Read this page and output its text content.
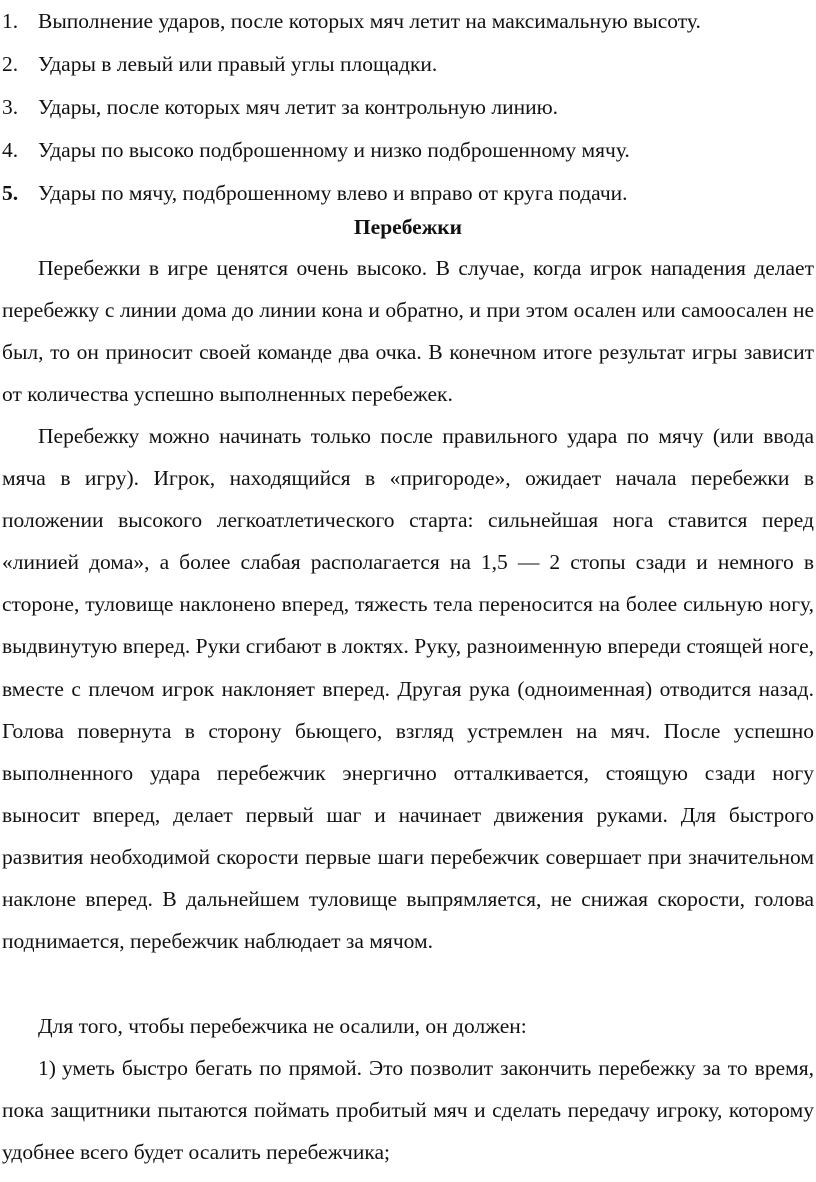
1. Выполнение ударов, после которых мяч летит на максимальную высоту.
2. Удары в левый или правый углы площадки.
3. Удары, после которых мяч летит за контрольную линию.
4. Удары по высоко подброшенному и низко подброшенному мячу.
5. Удары по мячу, подброшенному влево и вправо от круга подачи.
Перебежки

Перебежки в игре ценятся очень высоко. В случае, когда игрок нападения делает перебежку с линии дома до линии кона и обратно, и при этом осален или самоосален не был, то он приносит своей команде два очка. В конечном итоге результат игры зависит от количества успешно выполненных перебежек.

Перебежку можно начинать только после правильного удара по мячу (или ввода мяча в игру). Игрок, находящийся в «пригороде», ожидает начала перебежки в положении высокого легкоатлетического старта: сильнейшая нога ставится перед «линией дома», а более слабая располагается на 1,5 — 2 стопы сзади и немного в стороне, туловище наклонено вперед, тяжесть тела переносится на более сильную ногу, выдвинутую вперед. Руки сгибают в локтях. Руку, разноименную впереди стоящей ноге, вместе с плечом игрок наклоняет вперед. Другая рука (одноименная) отводится назад. Голова повернута в сторону бьющего, взгляд устремлен на мяч. После успешно выполненного удара перебежчик энергично отталкивается, стоящую сзади ногу выносит вперед, делает первый шаг и начинает движения руками. Для быстрого развития необходимой скорости первые шаги перебежчик совершает при значительном наклоне вперед. В дальнейшем туловище выпрямляется, не снижая скорости, голова поднимается, перебежчик наблюдает за мячом.

Для того, чтобы перебежчика не осалили, он должен:

1) уметь быстро бегать по прямой. Это позволит закончить перебежку за то время, пока защитники пытаются поймать пробитый мяч и сделать передачу игроку, которому удобнее всего будет осалить перебежчика;
